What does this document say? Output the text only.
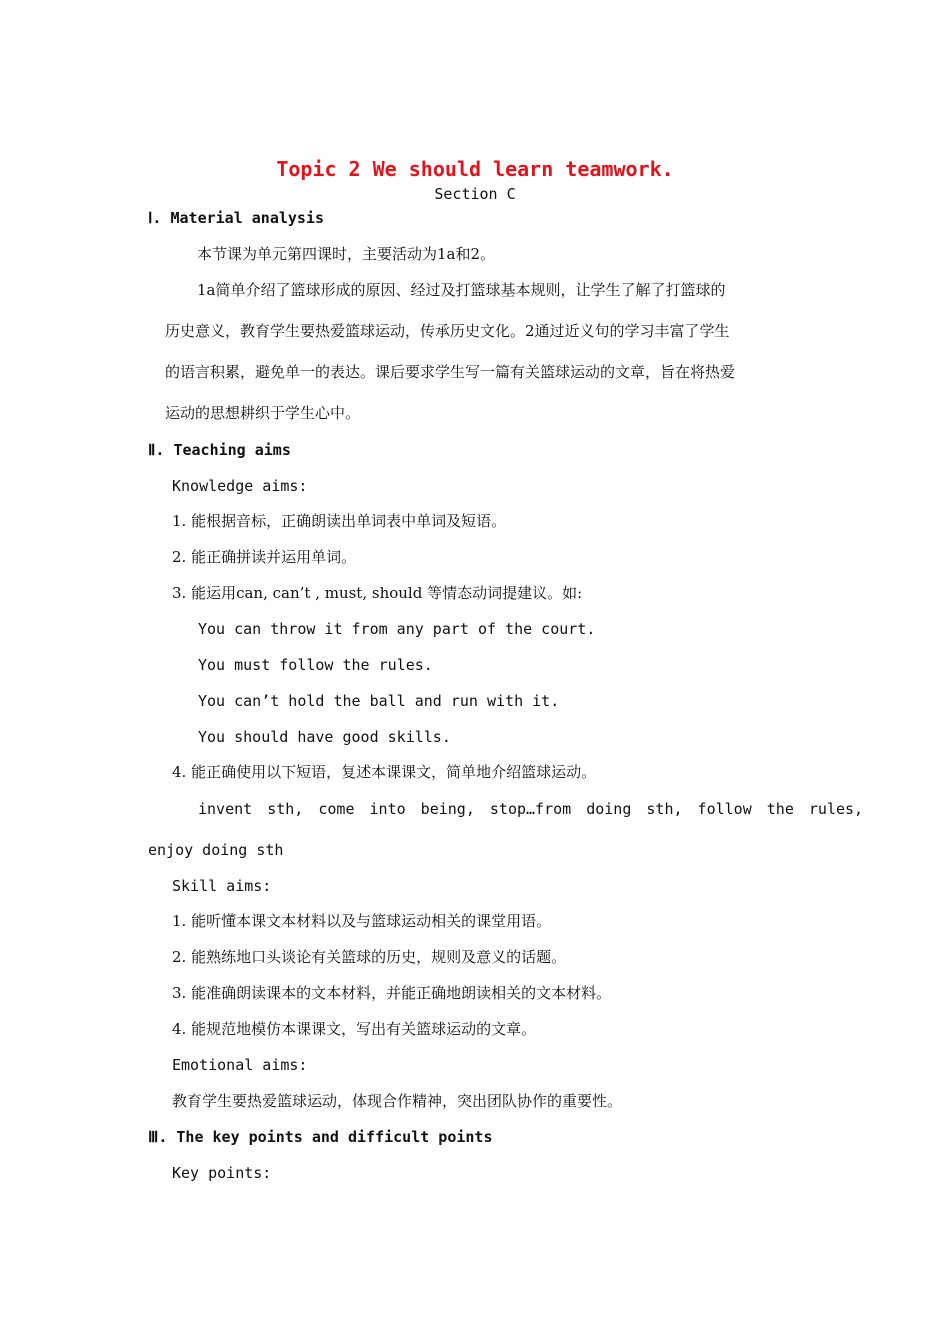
Topic 2 We should learn teamwork.
Section C
Ⅰ. Material analysis
本节课为单元第四课时，主要活动为1a和2。
1a简单介绍了篮球形成的原因、经过及打篮球基本规则，让学生了解了打篮球的
历史意义，教育学生要热爱篮球运动，传承历史文化。2通过近义句的学习丰富了学生
的语言积累，避免单一的表达。课后要求学生写一篇有关篮球运动的文章，旨在将热爱
运动的思想耕织于学生心中。
Ⅱ. Teaching aims
Knowledge aims:
1. 能根据音标，正确朗读出单词表中单词及短语。
2. 能正确拼读并运用单词。
3. 能运用can, can’t , must, should 等情态动词提建议。如:
You can throw it from any part of the court.
You must follow the rules.
You can’t hold the ball and run with it.
You should have good skills.
4. 能正确使用以下短语，复述本课课文，简单地介绍篮球运动。
invent sth, come into being, stop…from doing sth, follow the rules,
enjoy doing sth
Skill aims:
1. 能听懂本课文本材料以及与篮球运动相关的课堂用语。
2. 能熟练地口头谈论有关篮球的历史，规则及意义的话题。
3. 能准确朗读课本的文本材料，并能正确地朗读相关的文本材料。
4. 能规范地模仿本课课文，写出有关篮球运动的文章。
Emotional aims:
教育学生要热爱篮球运动，体现合作精神，突出团队协作的重要性。
Ⅲ. The key points and difficult points
Key points:
